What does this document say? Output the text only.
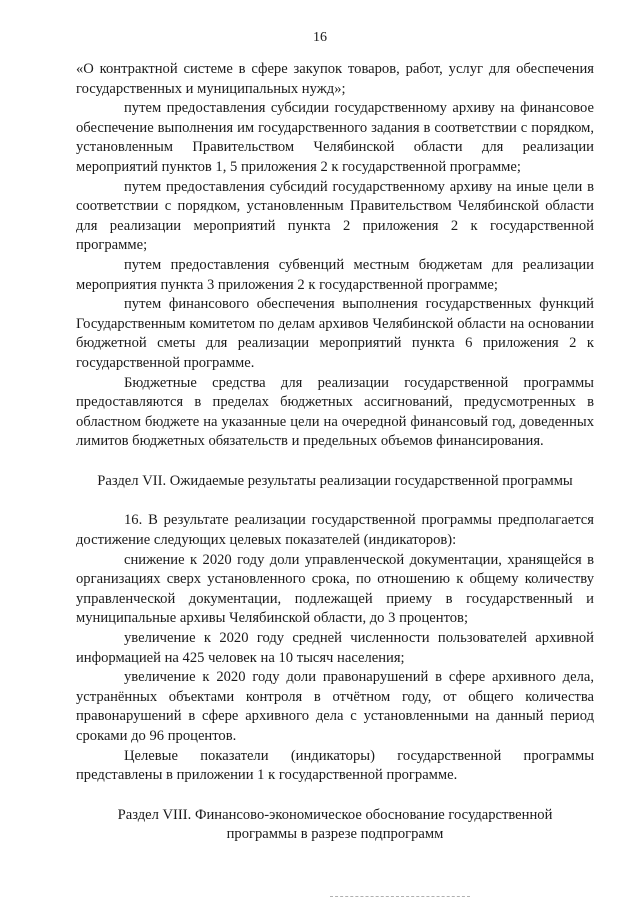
16

«О контрактной системе в сфере закупок товаров, работ, услуг для обеспечения государственных и муниципальных нужд»;

путем предоставления субсидии государственному архиву на финансовое обеспечение выполнения им государственного задания в соответствии с порядком, установленным Правительством Челябинской области для реализации мероприятий пунктов 1, 5 приложения 2 к государственной программе;

путем предоставления субсидий государственному архиву на иные цели в соответствии с порядком, установленным Правительством Челябинской области для реализации мероприятий пункта 2 приложения 2 к государственной программе;

путем предоставления субвенций местным бюджетам для реализации мероприятия пункта 3 приложения 2 к государственной программе;

путем финансового обеспечения выполнения государственных функций Государственным комитетом по делам архивов Челябинской области на основании бюджетной сметы для реализации мероприятий пункта 6 приложения 2 к государственной программе.

Бюджетные средства для реализации государственной программы предоставляются в пределах бюджетных ассигнований, предусмотренных в областном бюджете на указанные цели на очередной финансовый год, доведенных лимитов бюджетных обязательств и предельных объемов финансирования.

Раздел VII. Ожидаемые результаты реализации государственной программы

16. В результате реализации государственной программы предполагается достижение следующих целевых показателей (индикаторов):

снижение к 2020 году доли управленческой документации, хранящейся в организациях сверх установленного срока, по отношению к общему количеству управленческой документации, подлежащей приему в государственный и муниципальные архивы Челябинской области, до 3 процентов;

увеличение к 2020 году средней численности пользователей архивной информацией на 425 человек на 10 тысяч населения;

увеличение к 2020 году доли правонарушений в сфере архивного дела, устранённых объектами контроля в отчётном году, от общего количества правонарушений в сфере архивного дела с установленными на данный период сроками до 96 процентов.

Целевые показатели (индикаторы) государственной программы представлены в приложении 1 к государственной программе.

Раздел VIII. Финансово-экономическое обоснование государственной
программы в разрезе подпрограмм
